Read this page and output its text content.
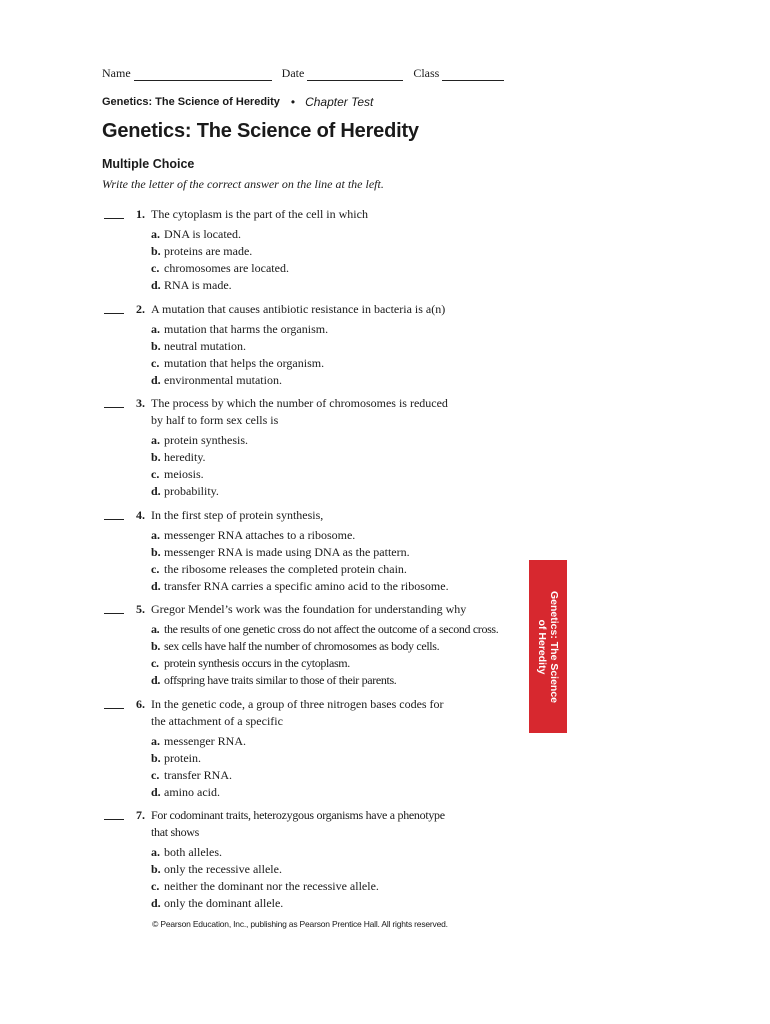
Name	Date	Class
Genetics: The Science of Heredity • Chapter Test
Genetics: The Science of Heredity
Multiple Choice
Write the letter of the correct answer on the line at the left.
1. The cytoplasm is the part of the cell in which
a. DNA is located.
b. proteins are made.
c. chromosomes are located.
d. RNA is made.
2. A mutation that causes antibiotic resistance in bacteria is a(n)
a. mutation that harms the organism.
b. neutral mutation.
c. mutation that helps the organism.
d. environmental mutation.
3. The process by which the number of chromosomes is reduced by half to form sex cells is
a. protein synthesis.
b. heredity.
c. meiosis.
d. probability.
4. In the first step of protein synthesis,
a. messenger RNA attaches to a ribosome.
b. messenger RNA is made using DNA as the pattern.
c. the ribosome releases the completed protein chain.
d. transfer RNA carries a specific amino acid to the ribosome.
5. Gregor Mendel’s work was the foundation for understanding why
a. the results of one genetic cross do not affect the outcome of a second cross.
b. sex cells have half the number of chromosomes as body cells.
c. protein synthesis occurs in the cytoplasm.
d. offspring have traits similar to those of their parents.
6. In the genetic code, a group of three nitrogen bases codes for the attachment of a specific
a. messenger RNA.
b. protein.
c. transfer RNA.
d. amino acid.
7. For codominant traits, heterozygous organisms have a phenotype that shows
a. both alleles.
b. only the recessive allele.
c. neither the dominant nor the recessive allele.
d. only the dominant allele.
Genetics: The Science
of Heredity
© Pearson Education, Inc., publishing as Pearson Prentice Hall. All rights reserved.
